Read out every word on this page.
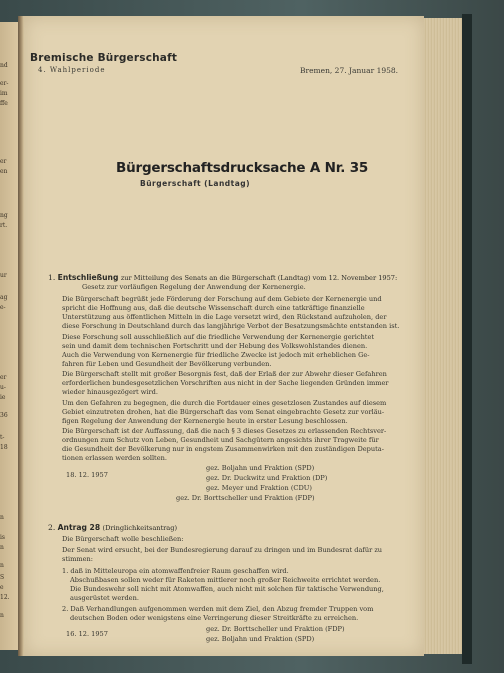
nd
er-
im
ffe
er
en
ng
rt.
ur
ag
e-
er
u-
ie
36
t-
18
n
is
n
n
S
e
12.
n
Bremische Bürgerschaft
4. Wahlperiode	Bremen, 27. Januar 1958.
Bürgerschaftsdrucksache A Nr. 35
Bürgerschaft (Landtag)
1. Entschließung zur Mitteilung des Senats an die Bürgerschaft (Landtag) vom 12. November 1957:
Gesetz zur vorläufigen Regelung der Anwendung der Kernenergie.
Die Bürgerschaft begrüßt jede Förderung der Forschung auf dem Gebiete der Kernenergie und
spricht die Hoffnung aus, daß die deutsche Wissenschaft durch eine tatkräftige finanzielle
Unterstützung aus öffentlichen Mitteln in die Lage versetzt wird, den Rückstand aufzuholen, der
diese Forschung in Deutschland durch das langjährige Verbot der Besatzungsmächte entstanden ist.
Diese Forschung soll ausschließlich auf die friedliche Verwendung der Kernenergie gerichtet
sein und damit dem technischen Fortschritt und der Hebung des Volkswohlstandes dienen.
Auch die Verwendung von Kernenergie für friedliche Zwecke ist jedoch mit erheblichen Ge-
fahren für Leben und Gesundheit der Bevölkerung verbunden.
Die Bürgerschaft stellt mit großer Besorgnis fest, daß der Erlaß der zur Abwehr dieser Gefahren
erforderlichen bundesgesetzlichen Vorschriften aus nicht in der Sache liegenden Gründen immer
wieder hinausgezögert wird.
Um den Gefahren zu begegnen, die durch die Fortdauer eines gesetzlosen Zustandes auf diesem
Gebiet einzutreten drohen, hat die Bürgerschaft das vom Senat eingebrachte Gesetz zur vorläu-
figen Regelung der Anwendung der Kernenergie heute in erster Lesung beschlossen.
Die Bürgerschaft ist der Auffassung, daß die nach § 3 dieses Gesetzes zu erlassenden Rechtsver-
ordnungen zum Schutz von Leben, Gesundheit und Sachgütern angesichts ihrer Tragweite für
die Gesundheit der Bevölkerung nur in engstem Zusammenwirken mit den zuständigen Deputa-
tionen erlassen werden sollten.
18. 12. 1957
gez. Boljahn und Fraktion (SPD)
gez. Dr. Duckwitz und Fraktion (DP)
gez. Meyer und Fraktion (CDU)
gez. Dr. Borttscheller und Fraktion (FDP)
2. Antrag 28 (Dringlichkeitsantrag)
Die Bürgerschaft wolle beschließen:
Der Senat wird ersucht, bei der Bundesregierung darauf zu dringen und im Bundesrat dafür zu
stimmen:
1. daß in Mitteleuropa ein atomwaffenfreier Raum geschaffen wird.
Abschußbasen sollen weder für Raketen mittlerer noch großer Reichweite errichtet werden.
Die Bundeswehr soll nicht mit Atomwaffen, auch nicht mit solchen für taktische Verwendung,
ausgerüstet werden.
2. Daß Verhandlungen aufgenommen werden mit dem Ziel, den Abzug fremder Truppen vom
deutschen Boden oder wenigstens eine Verringerung dieser Streitkräfte zu erreichen.
16. 12. 1957
gez. Dr. Borttscheller und Fraktion (FDP)
gez. Boljahn und Fraktion (SPD)
